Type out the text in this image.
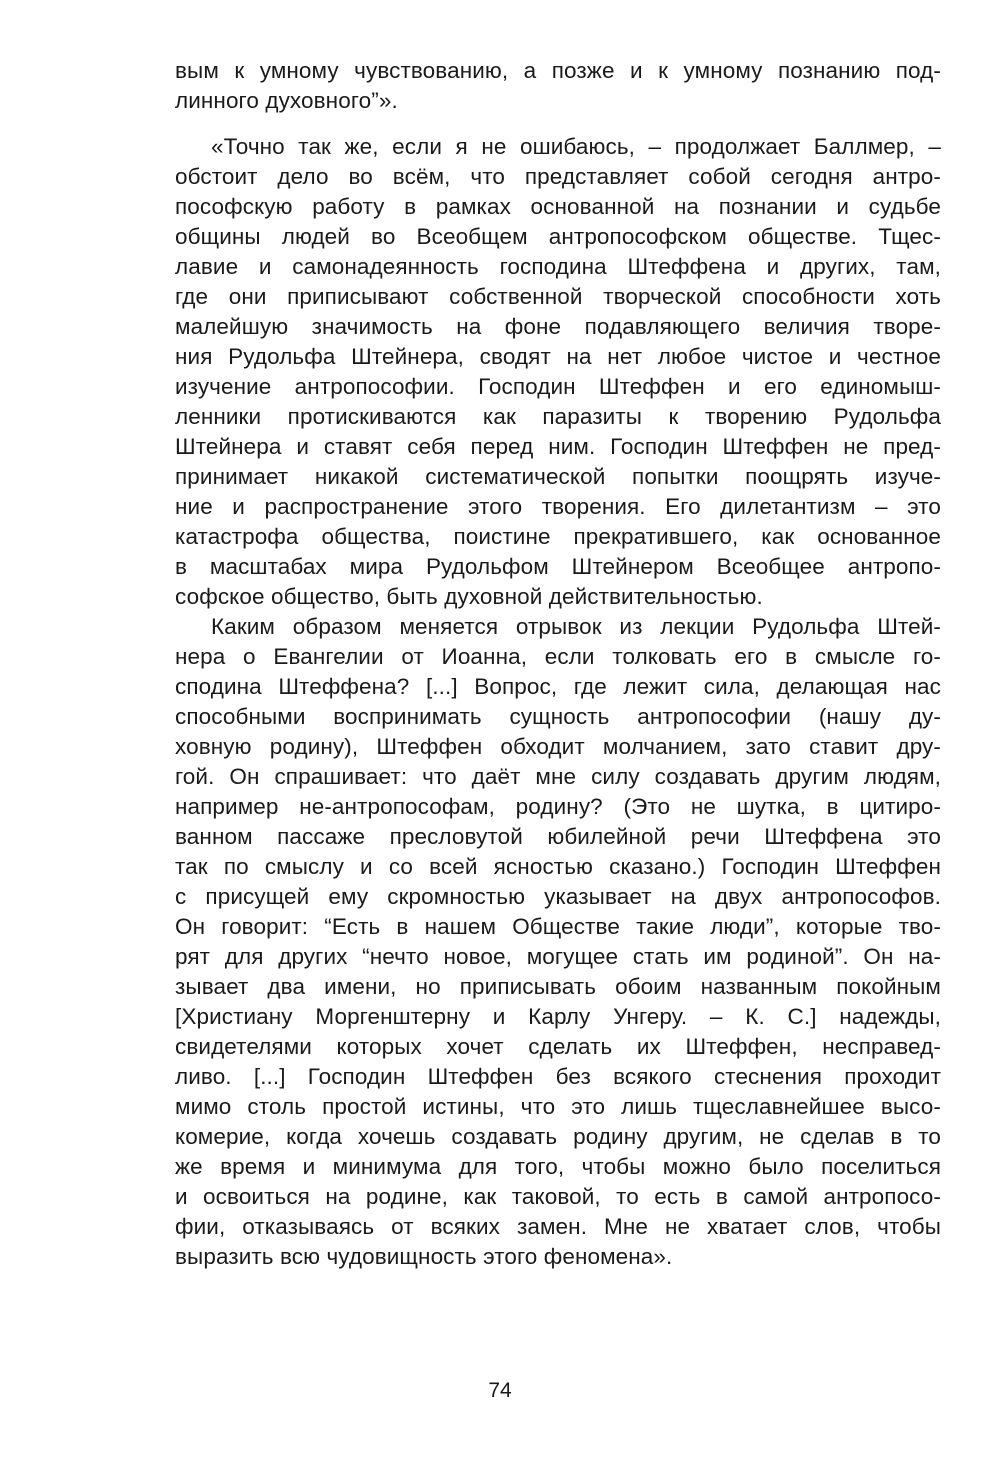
вым к умному чувствованию, а позже и к умному познанию под-
линного духовного”».
«Точно так же, если я не ошибаюсь, – продолжает Баллмер, –
обстоит дело во всём, что представляет собой сегодня антро-
пософскую работу в рамках основанной на познании и судьбе
общины людей во Всеобщем антропософском обществе. Тщес-
лавие и самонадеянность господина Штеффена и других, там,
где они приписывают собственной творческой способности хоть
малейшую значимость на фоне подавляющего величия творе-
ния Рудольфа Штейнера, сводят на нет любое чистое и честное
изучение антропософии. Господин Штеффен и его единомыш-
ленники протискиваются как паразиты к творению Рудольфа
Штейнера и ставят себя перед ним. Господин Штеффен не пред-
принимает никакой систематической попытки поощрять изуче-
ние и распространение этого творения. Его дилетантизм – это
катастрофа общества, поистине прекратившего, как основанное
в масштабах мира Рудольфом Штейнером Всеобщее антропо-
софское общество, быть духовной действительностью.
Каким образом меняется отрывок из лекции Рудольфа Штей-
нера о Евангелии от Иоанна, если толковать его в смысле го-
сподина Штеффена? [...] Вопрос, где лежит сила, делающая нас
способными воспринимать сущность антропософии (нашу ду-
ховную родину), Штеффен обходит молчанием, зато ставит дру-
гой. Он спрашивает: что даёт мне силу создавать другим людям,
например не-антропософам, родину? (Это не шутка, в цитиро-
ванном пассаже пресловутой юбилейной речи Штеффена это
так по смыслу и со всей ясностью сказано.) Господин Штеффен
с присущей ему скромностью указывает на двух антропософов.
Он говорит: “Есть в нашем Обществе такие люди”, которые тво-
рят для других “нечто новое, могущее стать им родиной”. Он на-
зывает два имени, но приписывать обоим названным покойным
[Христиану Моргенштерну и Карлу Унгеру. – К. С.] надежды,
свидетелями которых хочет сделать их Штеффен, несправед-
ливо. [...] Господин Штеффен без всякого стеснения проходит
мимо столь простой истины, что это лишь тщеславнейшее высо-
комерие, когда хочешь создавать родину другим, не сделав в то
же время и минимума для того, чтобы можно было поселиться
и освоиться на родине, как таковой, то есть в самой антропосо-
фии, отказываясь от всяких замен. Мне не хватает слов, чтобы
выразить всю чудовищность этого феномена».
74
